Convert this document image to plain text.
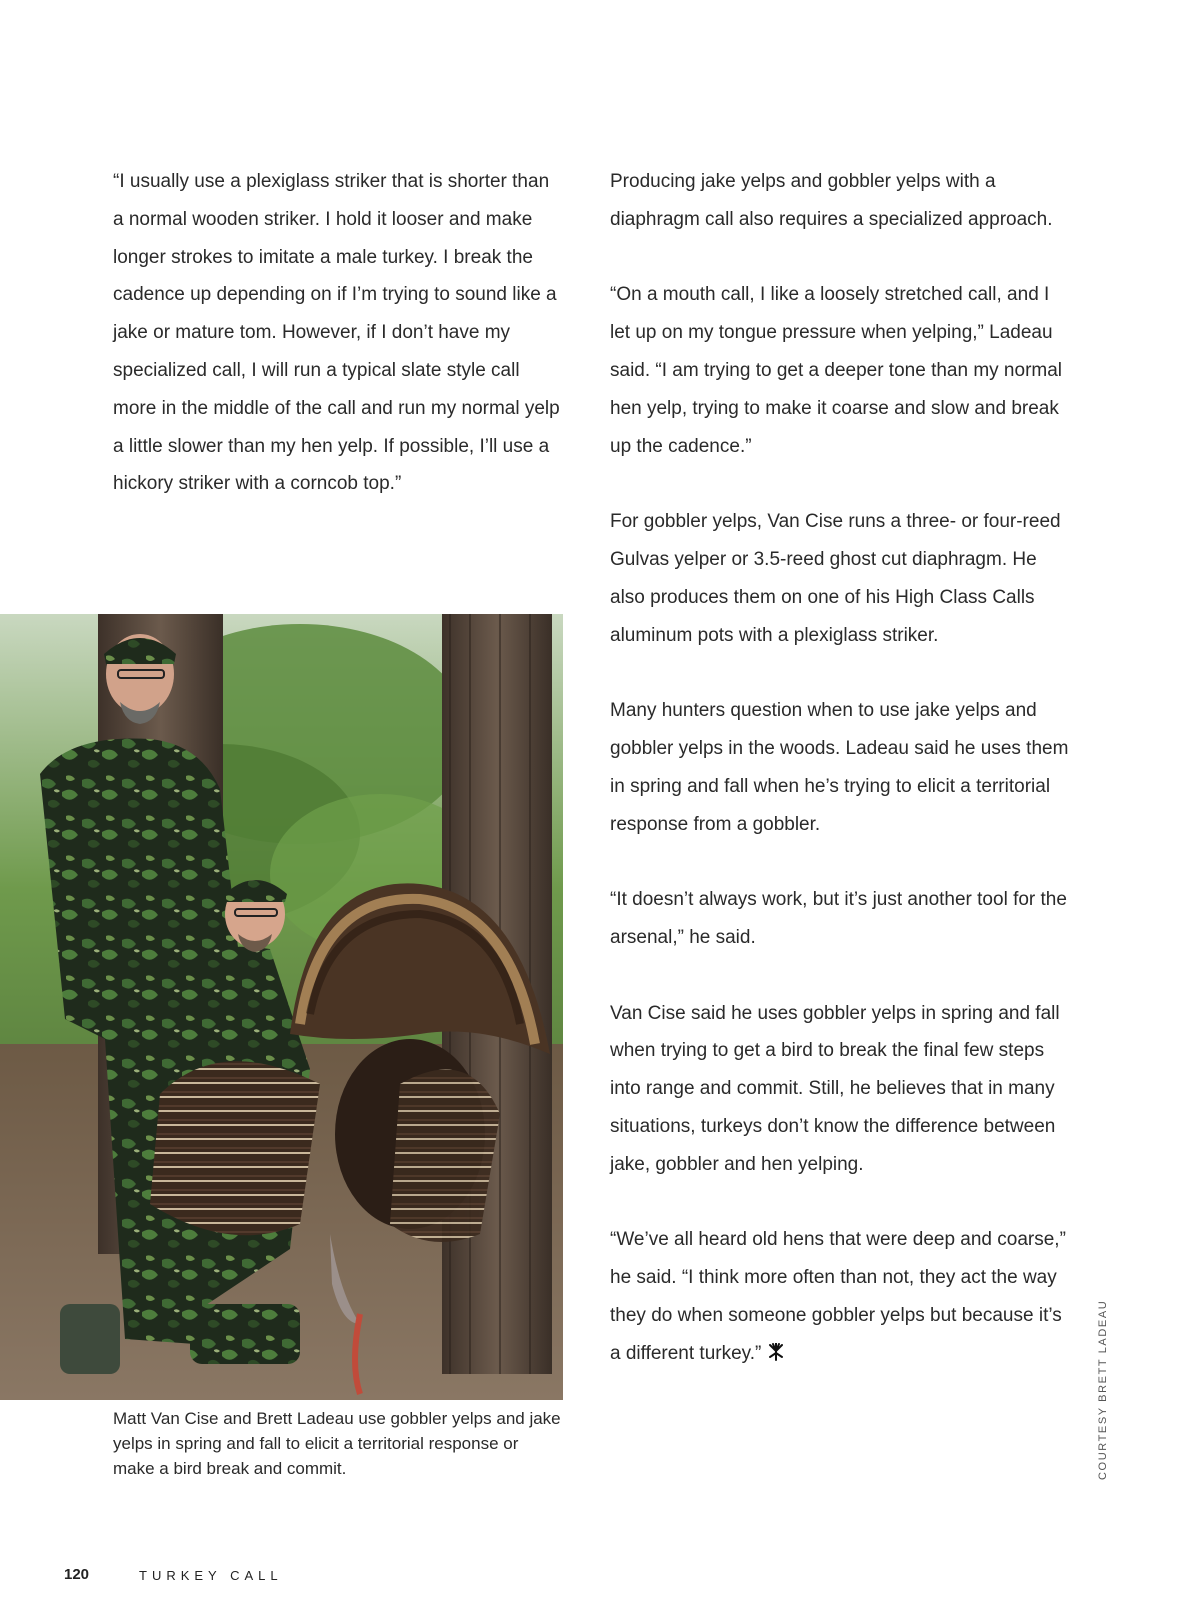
“I usually use a plexiglass striker that is shorter than a normal wooden striker. I hold it looser and make longer strokes to imitate a male turkey. I break the cadence up depending on if I’m trying to sound like a jake or mature tom. However, if I don’t have my specialized call, I will run a typical slate style call more in the middle of the call and run my normal yelp a little slower than my hen yelp. If possible, I’ll use a hickory striker with a corncob top.”

Matt Van Cise and Brett Ladeau use gobbler yelps and jake yelps in spring and fall to elicit a territorial response or make a bird break and commit.	COURTESY BRETT LADEAU

Producing jake yelps and gobbler yelps with a diaphragm call also requires a specialized approach.

“On a mouth call, I like a loosely stretched call, and I let up on my tongue pressure when yelping,” Ladeau said. “I am trying to get a deeper tone than my normal hen yelp, trying to make it coarse and slow and break up the cadence.”

For gobbler yelps, Van Cise runs a three- or four-reed Gulvas yelper or 3.5-reed ghost cut diaphragm. He also produces them on one of his High Class Calls aluminum pots with a plexiglass striker.

Many hunters question when to use jake yelps and gobbler yelps in the woods. Ladeau said he uses them in spring and fall when he’s trying to elicit a territorial response from a gobbler.

“It doesn’t always work, but it’s just another tool for the arsenal,” he said.

Van Cise said he uses gobbler yelps in spring and fall when trying to get a bird to break the final few steps into range and commit. Still, he believes that in many situations, turkeys don’t know the difference between jake, gobbler and hen yelping.

“We’ve all heard old hens that were deep and coarse,” he said. “I think more often than not, they act the way they do when someone gobbler yelps but because it’s a different turkey.”

120	TURKEY CALL
